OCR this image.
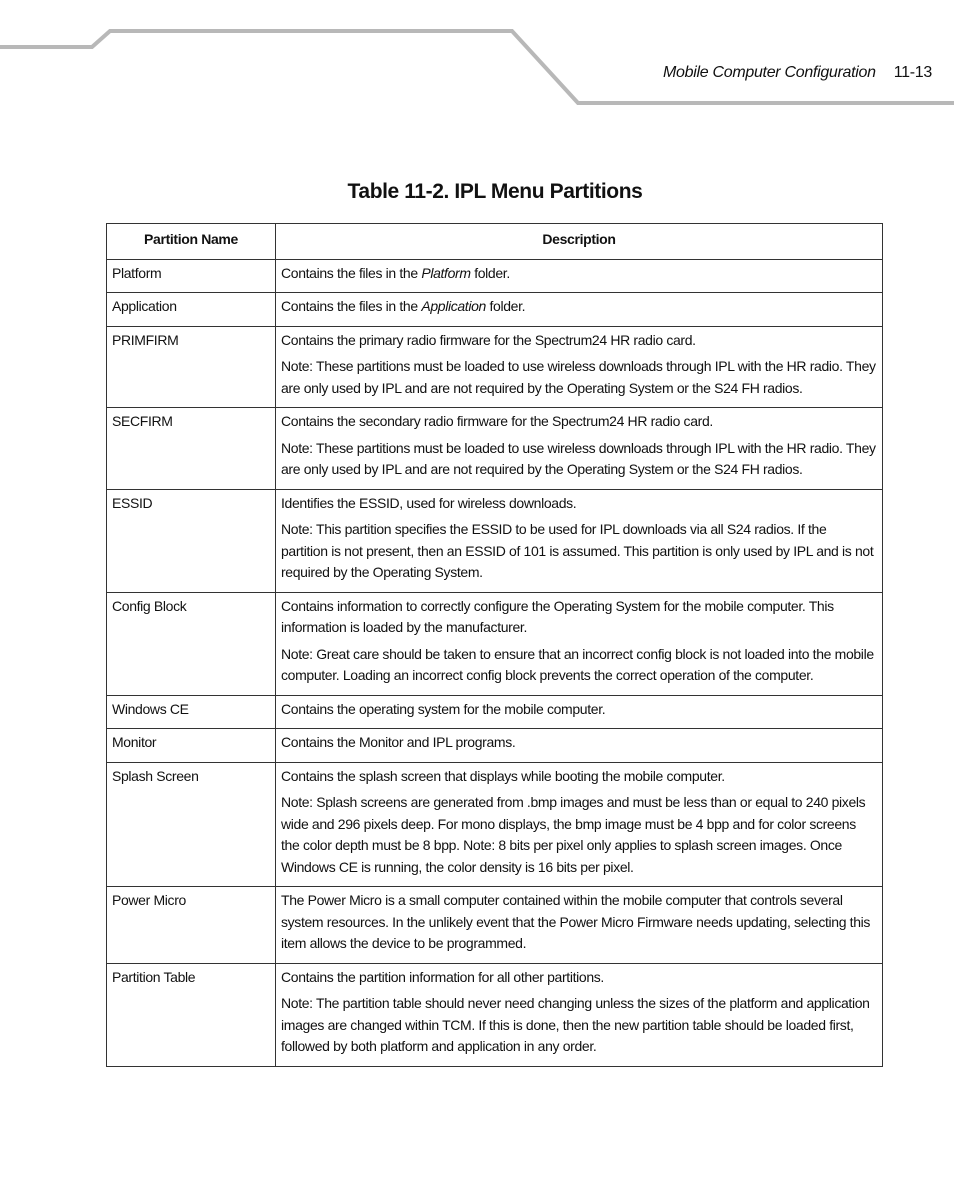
Mobile Computer Configuration 11-13
Table 11-2. IPL Menu Partitions
Partition Name	Description
Platform	Contains the files in the Platform folder.

Application	Contains the files in the Application folder.

PRIMFIRM	Contains the primary radio firmware for the Spectrum24 HR radio card.

Note: These partitions must be loaded to use wireless downloads through IPL with the HR radio. They are only used by IPL and are not required by the Operating System or the S24 FH radios.

SECFIRM	Contains the secondary radio firmware for the Spectrum24 HR radio card.

Note: These partitions must be loaded to use wireless downloads through IPL with the HR radio. They are only used by IPL and are not required by the Operating System or the S24 FH radios.

ESSID	Identifies the ESSID, used for wireless downloads.

Note: This partition specifies the ESSID to be used for IPL downloads via all S24 radios. If the partition is not present, then an ESSID of 101 is assumed. This partition is only used by IPL and is not required by the Operating System.

Config Block	Contains information to correctly configure the Operating System for the mobile computer. This information is loaded by the manufacturer.

Note: Great care should be taken to ensure that an incorrect config block is not loaded into the mobile computer. Loading an incorrect config block prevents the correct operation of the computer.

Windows CE	Contains the operating system for the mobile computer.

Monitor	Contains the Monitor and IPL programs.

Splash Screen	Contains the splash screen that displays while booting the mobile computer.

Note: Splash screens are generated from .bmp images and must be less than or equal to 240 pixels wide and 296 pixels deep. For mono displays, the bmp image must be 4 bpp and for color screens the color depth must be 8 bpp. Note: 8 bits per pixel only applies to splash screen images. Once Windows CE is running, the color density is 16 bits per pixel.

Power Micro	The Power Micro is a small computer contained within the mobile computer that controls several system resources. In the unlikely event that the Power Micro Firmware needs updating, selecting this item allows the device to be programmed.

Partition Table	Contains the partition information for all other partitions.

Note: The partition table should never need changing unless the sizes of the platform and application images are changed within TCM. If this is done, then the new partition table should be loaded first, followed by both platform and application in any order.
